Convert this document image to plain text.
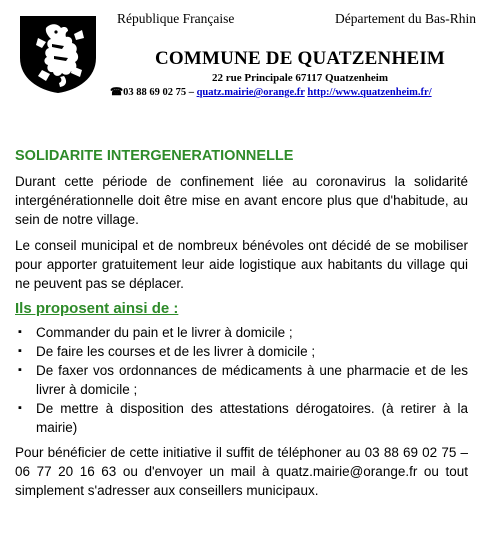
République Française	Département du Bas-Rhin
COMMUNE DE QUATZENHEIM
22 rue Principale 67117 Quatzenheim
☎03 88 69 02 75 – quatz.mairie@orange.fr http://www.quatzenheim.fr/
SOLIDARITE INTERGENERATIONNELLE

Durant cette période de confinement liée au coronavirus la solidarité intergénérationnelle doit être mise en avant encore plus que d'habitude, au sein de notre village.

Le conseil municipal et de nombreux bénévoles ont décidé de se mobiliser pour apporter gratuitement leur aide logistique aux habitants du village qui ne peuvent pas se déplacer.

Ils proposent ainsi de :
▪	Commander du pain et le livrer à domicile ;
▪	De faire les courses et de les livrer à domicile ;
▪	De faxer vos ordonnances de médicaments à une pharmacie et de les livrer à domicile ;
▪	De mettre à disposition des attestations dérogatoires. (à retirer à la mairie)

Pour bénéficier de cette initiative il suffit de téléphoner au 03 88 69 02 75 – 06 77 20 16 63 ou d'envoyer un mail à quatz.mairie@orange.fr ou tout simplement s'adresser aux conseillers municipaux.
